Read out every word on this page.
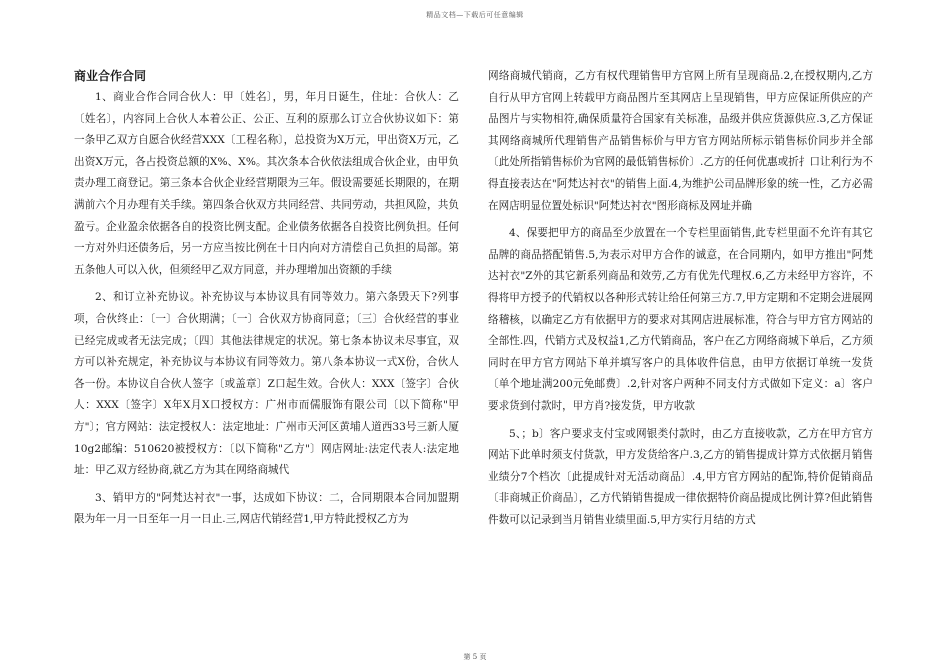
精品文档—下载后可任意编辑
商业合作合同

1、商业合作合同合伙人：甲〔姓名〕，男，年月日诞生，住址：合伙人：乙〔姓名〕，内容同上合伙人本着公正、公正、互利的原那么订立合伙协议如下：第一条甲乙双方自愿合伙经营XXX〔工程名称〕，总投资为X万元，甲出资X万元，乙出资X万元，各占投资总额的X%、X%。其次条本合伙依法组成合伙企业，由甲负责办理工商登记。第三条本合伙企业经营期限为三年。假设需要延长期限的，在期满前六个月办理有关手续。第四条合伙双方共同经营、共同劳动，共担风险，共负盈亏。企业盈余依据各自的投资比例支配。企业债务依据各自投资比例负担。任何一方对外归还债务后，另一方应当按比例在十日内向对方清偿自己负担的局部。第五条他人可以入伙，但须经甲乙双方同意，并办理增加出资额的手续

2、和订立补充协议。补充协议与本协议具有同等效力。第六条毁天下?列事项，合伙终止：〔一〕合伙期满；〔一〕合伙双方协商同意；〔三〕合伙经营的事业已经完成或者无法完成；〔四〕其他法律规定的状况。第七条本协议未尽事宜，双方可以补充规定，补充协议与本协议有同等效力。第八条本协议一式X份，合伙人各一份。本协议自合伙人签字〔或盖章〕Z口起生效。合伙人：XXX〔签字〕合伙人：XXX〔签字〕X年X月X口授权方：广州市而儒服饰有限公司〔以下简称"甲方"〕；官方网站：法定授权人：法定地址：广州市天河区黄埔人道西33号三新人厦10g2邮编：510620被授权方：〔以下简称"乙方"〕网店网址:法定代表人:法定地址：甲乙双方经协商,就乙方为其在网络商城代

3、销甲方的"阿梵达衬衣"一事，达成如下协议：二，合同期限本合同加盟期限为年一月一日至年一月一日止.三,网店代销经营1,甲方特此授权乙方为

网络商城代销商，乙方有权代理销售甲方官网上所有呈现商品.2,在授权期内,乙方自行从甲方官网上转载甲方商品图片至其网店上呈现销售，甲方应保证所供应的产品图片与实物相符,确保质量符合国家有关标准，品级并供应货源供应.3,乙方保证其网络商城所代理销售产品销售标价与甲方官方网站所标示销售标价同步并全部〔此处所指销售标价为官网的最低销售标价〕.乙方的任何优惠或折扌口让利行为不得直接表达在"阿梵达衬衣"的销售上面.4,为维护公司品牌形象的统一性，乙方必需在网店明显位置处标识"阿梵达衬衣"图形商标及网址并确

4、保要把甲方的商品至少放置在一个专栏里面销售,此专栏里面不允许有其它品牌的商品搭配销售.5,为表示对甲方合作的诚意，在合同期内，如甲方推出"阿梵达衬衣"Z外的其它新系列商品和效劳,乙方有优先代理权.6,乙方未经甲方容许，不得将甲方授予的代销权以各种形式转让给任何第三方.7,甲方定期和不定期会进展网络稽核，以确定乙方有依据甲方的要求对其网店进展标准，符合与甲方官方网站的全部性.四，代销方式及权益1,乙方代销商品，客户在乙方网络商城下单后，乙方须同时在甲方官方网站下单并填写客户的具体收件信息，由甲方依据订单统一发货〔单个地址满200元免邮费〕.2,针对客户两种不同支付方式做如下定义：a〕客户要求货到付款时，甲方肖?接发货，甲方收款

5、；b〕客户要求支付宝或网银类付款时，由乙方直接收款，乙方在甲方官方网站下此单时须支付货款，甲方发货给客户.3,乙方的销售提成计算方式依据月销售业绩分7个档次〔此提成针对无活动商品〕.4,甲方官方网站的配饰,特价促销商品〔非商城正价商品〕，乙方代销销售提成一律依据特价商品提成比例计算?但此销售件数可以记录到当月销售业绩里面.5,甲方实行月结的方式

第 5 页
